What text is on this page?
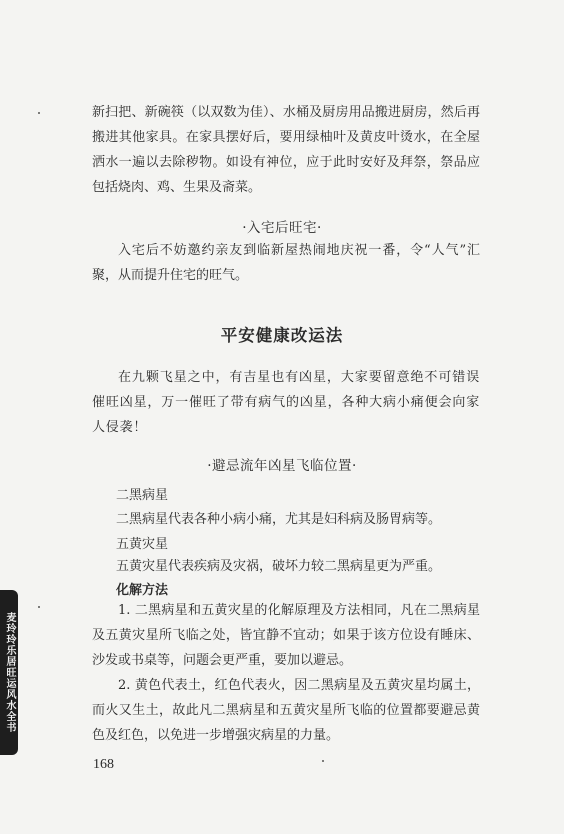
新扫把、新碗筷（以双数为佳）、水桶及厨房用品搬进厨房，然后再搬进其他家具。在家具摆好后，要用绿柚叶及黄皮叶烫水，在全屋洒水一遍以去除秽物。如设有神位，应于此时安好及拜祭，祭品应包括烧肉、鸡、生果及斋菜。

·入宅后旺宅·

入宅后不妨邀约亲友到临新屋热闹地庆祝一番，令“人气”汇聚，从而提升住宅的旺气。

平安健康改运法

在九颗飞星之中，有吉星也有凶星，大家要留意绝不可错误催旺凶星，万一催旺了带有病气的凶星，各种大病小痛便会向家人侵袭！

·避忌流年凶星飞临位置·

二黑病星

二黑病星代表各种小病小痛，尤其是妇科病及肠胃病等。

五黄灾星

五黄灾星代表疾病及灾祸，破坏力较二黑病星更为严重。

化解方法

1. 二黑病星和五黄灾星的化解原理及方法相同，凡在二黑病星及五黄灾星所飞临之处，皆宜静不宜动；如果于该方位设有睡床、沙发或书桌等，问题会更严重，要加以避忌。

2. 黄色代表土，红色代表火，因二黑病星及五黄灾星均属土，而火又生土，故此凡二黑病星和五黄灾星所飞临的位置都要避忌黄色及红色，以免进一步增强灾病星的力量。

168
麦玲玲乐居旺运风水全书
